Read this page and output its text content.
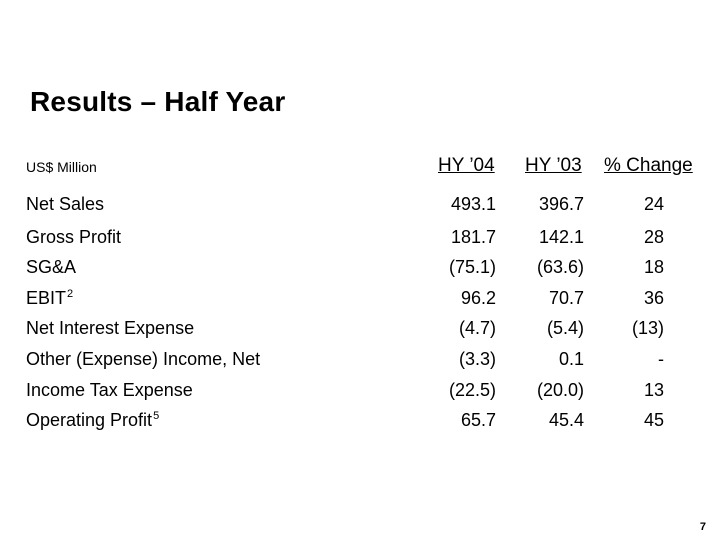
Results – Half Year
US$ Million	HY ’04 HY ’03 % Change
Net Sales	493.1 396.7	24
Gross Profit	181.7 142.1	28
SG&A	(75.1) (63.6)	18
EBIT$^2$	96.2	70.7	36
Net Interest Expense	(4.7)	(5.4)	(13)
Other (Expense) Income, Net	(3.3)	0.1	-
Income Tax Expense	(22.5) (20.0)	13
Operating Profit$^5$	65.7	45.4	45
7
